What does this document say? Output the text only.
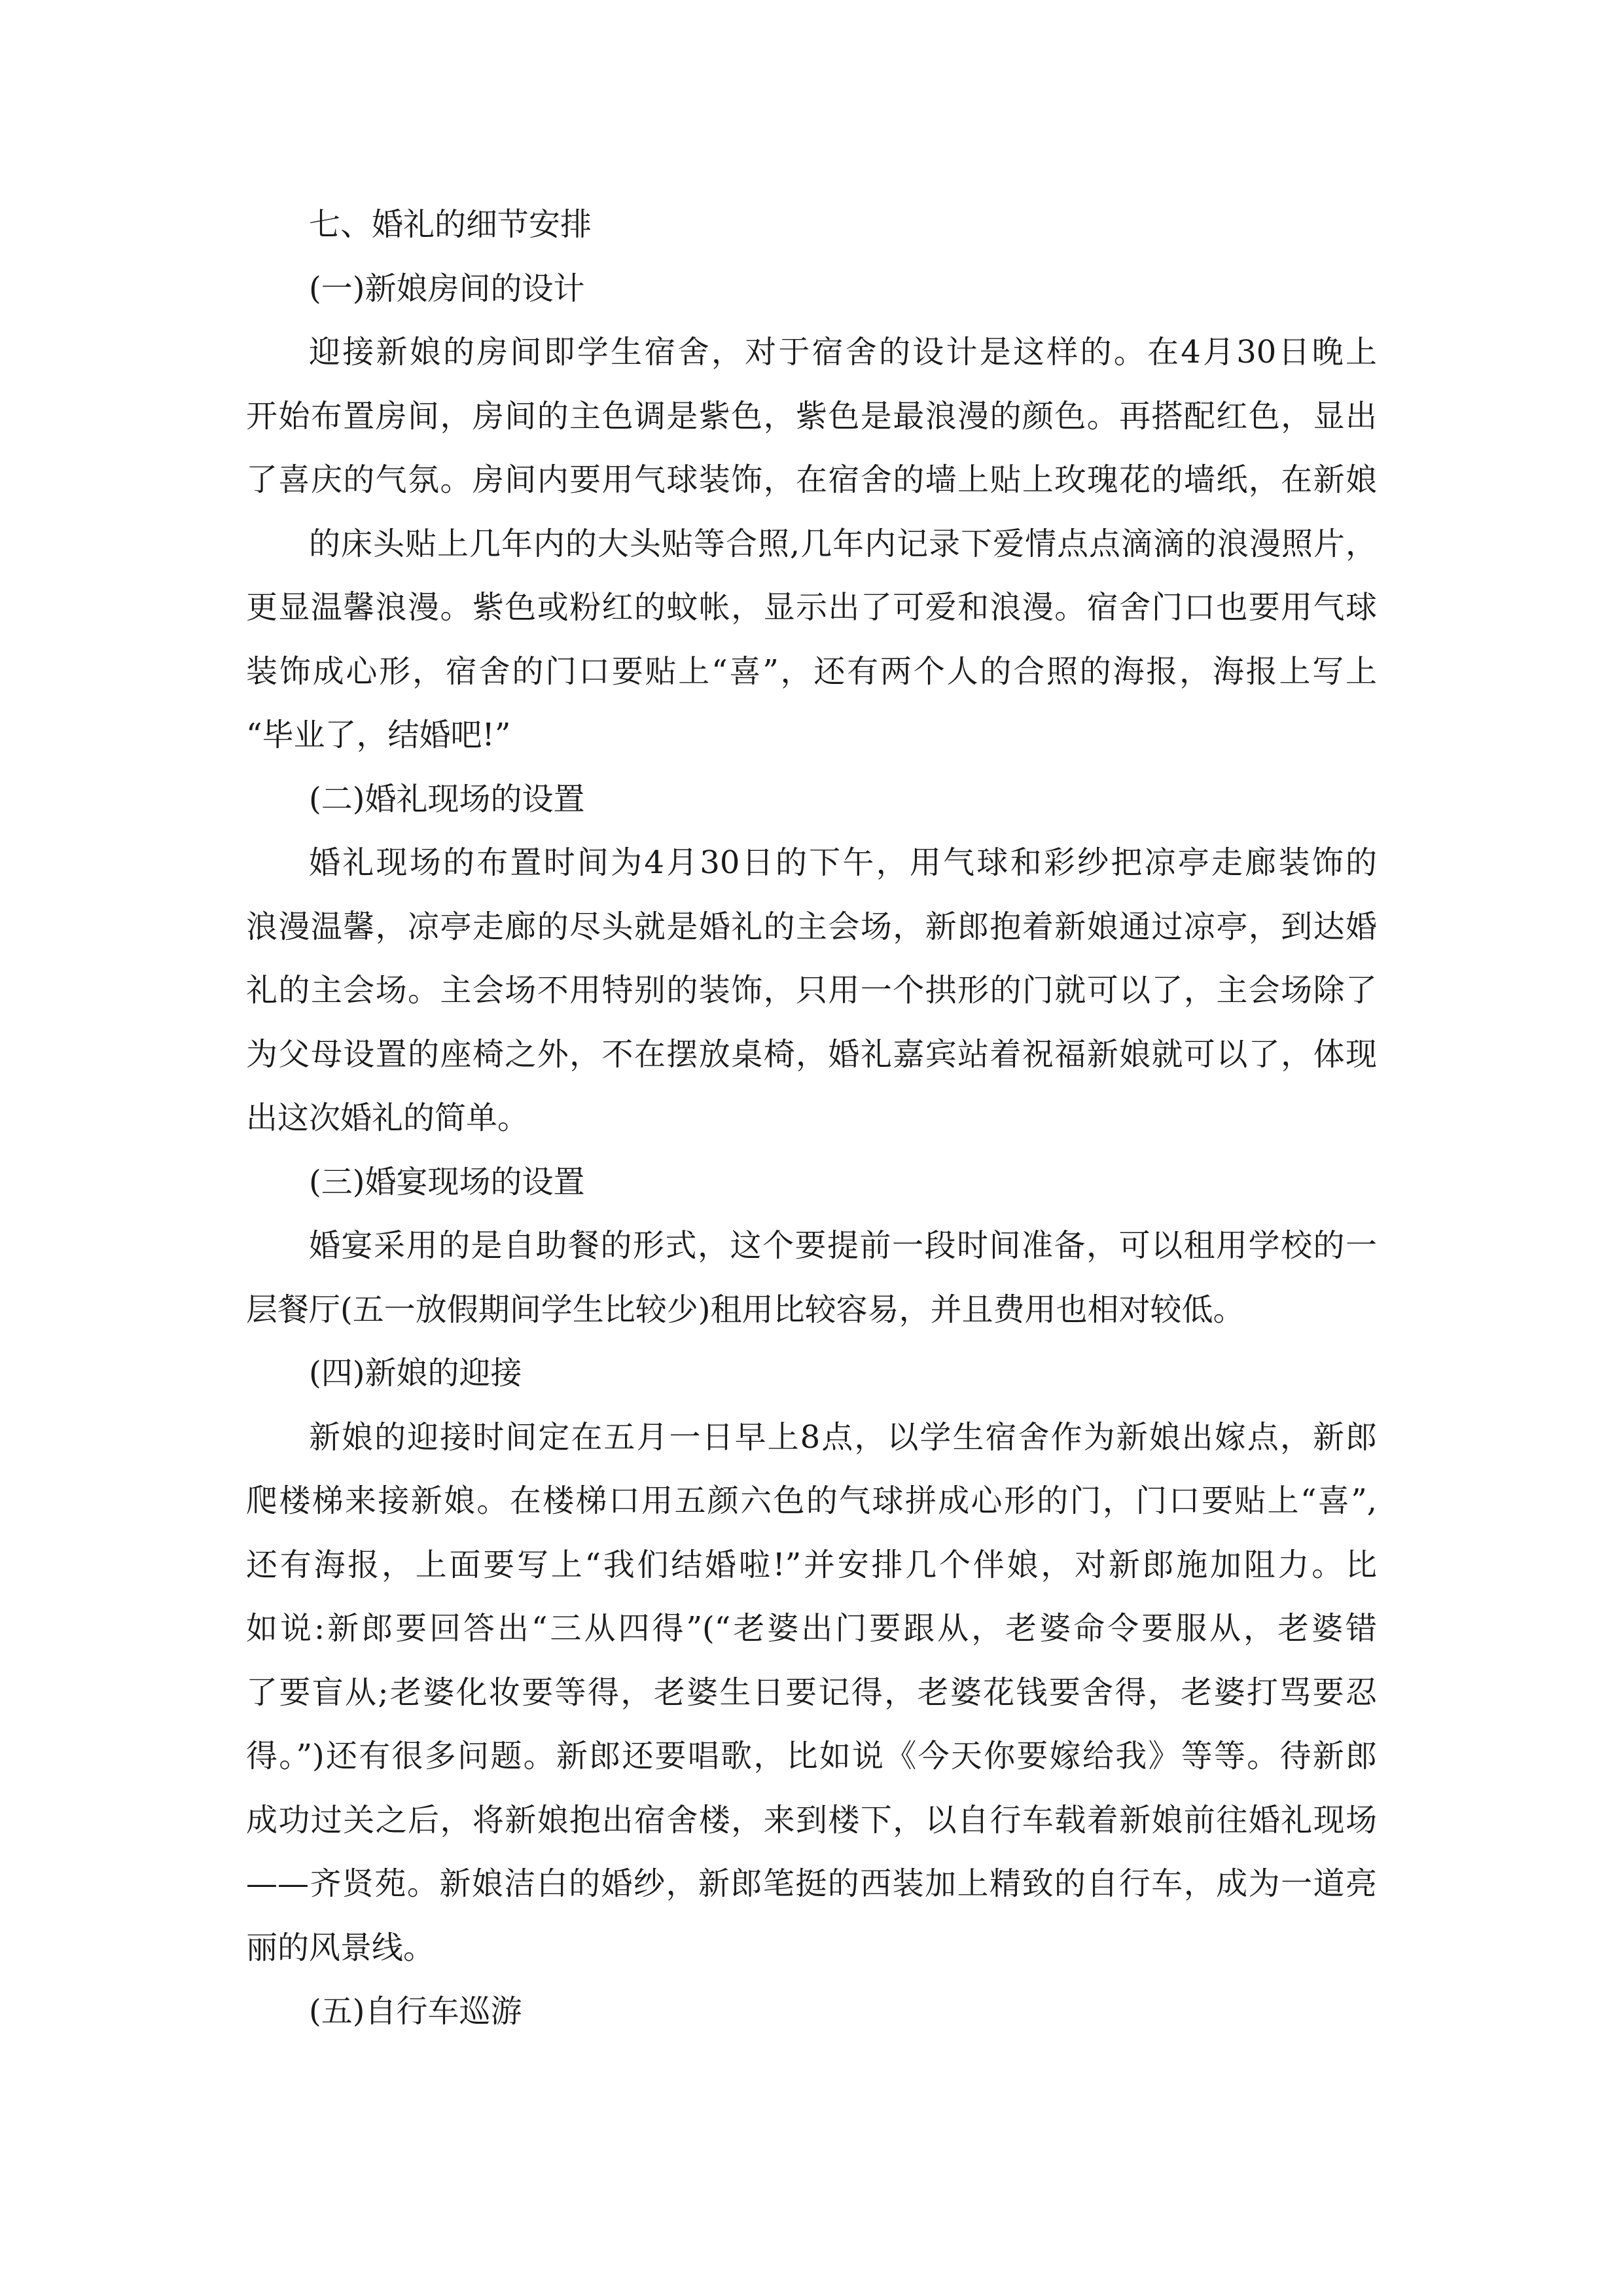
七、婚礼的细节安排
(一)新娘房间的设计
迎接新娘的房间即学生宿舍，对于宿舍的设计是这样的。在4月30日晚上
开始布置房间，房间的主色调是紫色，紫色是最浪漫的颜色。再搭配红色，显出
了喜庆的气氛。房间内要用气球装饰，在宿舍的墙上贴上玫瑰花的墙纸，在新娘
的床头贴上几年内的大头贴等合照,几年内记录下爱情点点滴滴的浪漫照片，
更显温馨浪漫。紫色或粉红的蚊帐，显示出了可爱和浪漫。宿舍门口也要用气球
装饰成心形，宿舍的门口要贴上“喜”，还有两个人的合照的海报，海报上写上
“毕业了，结婚吧!”
(二)婚礼现场的设置
婚礼现场的布置时间为4月30日的下午，用气球和彩纱把凉亭走廊装饰的
浪漫温馨，凉亭走廊的尽头就是婚礼的主会场，新郎抱着新娘通过凉亭，到达婚
礼的主会场。主会场不用特别的装饰，只用一个拱形的门就可以了，主会场除了
为父母设置的座椅之外，不在摆放桌椅，婚礼嘉宾站着祝福新娘就可以了，体现
出这次婚礼的简单。
(三)婚宴现场的设置
婚宴采用的是自助餐的形式，这个要提前一段时间准备，可以租用学校的一
层餐厅(五一放假期间学生比较少)租用比较容易，并且费用也相对较低。
(四)新娘的迎接
新娘的迎接时间定在五月一日早上8点，以学生宿舍作为新娘出嫁点，新郎
爬楼梯来接新娘。在楼梯口用五颜六色的气球拼成心形的门，门口要贴上“喜”,
还有海报，上面要写上“我们结婚啦!”并安排几个伴娘，对新郎施加阻力。比
如说:新郎要回答出“三从四得”(“老婆出门要跟从，老婆命令要服从，老婆错
了要盲从;老婆化妆要等得，老婆生日要记得，老婆花钱要舍得，老婆打骂要忍
得。”)还有很多问题。新郎还要唱歌，比如说《今天你要嫁给我》等等。待新郎
成功过关之后，将新娘抱出宿舍楼，来到楼下，以自行车载着新娘前往婚礼现场
——齐贤苑。新娘洁白的婚纱，新郎笔挺的西装加上精致的自行车，成为一道亮
丽的风景线。
(五)自行车巡游
